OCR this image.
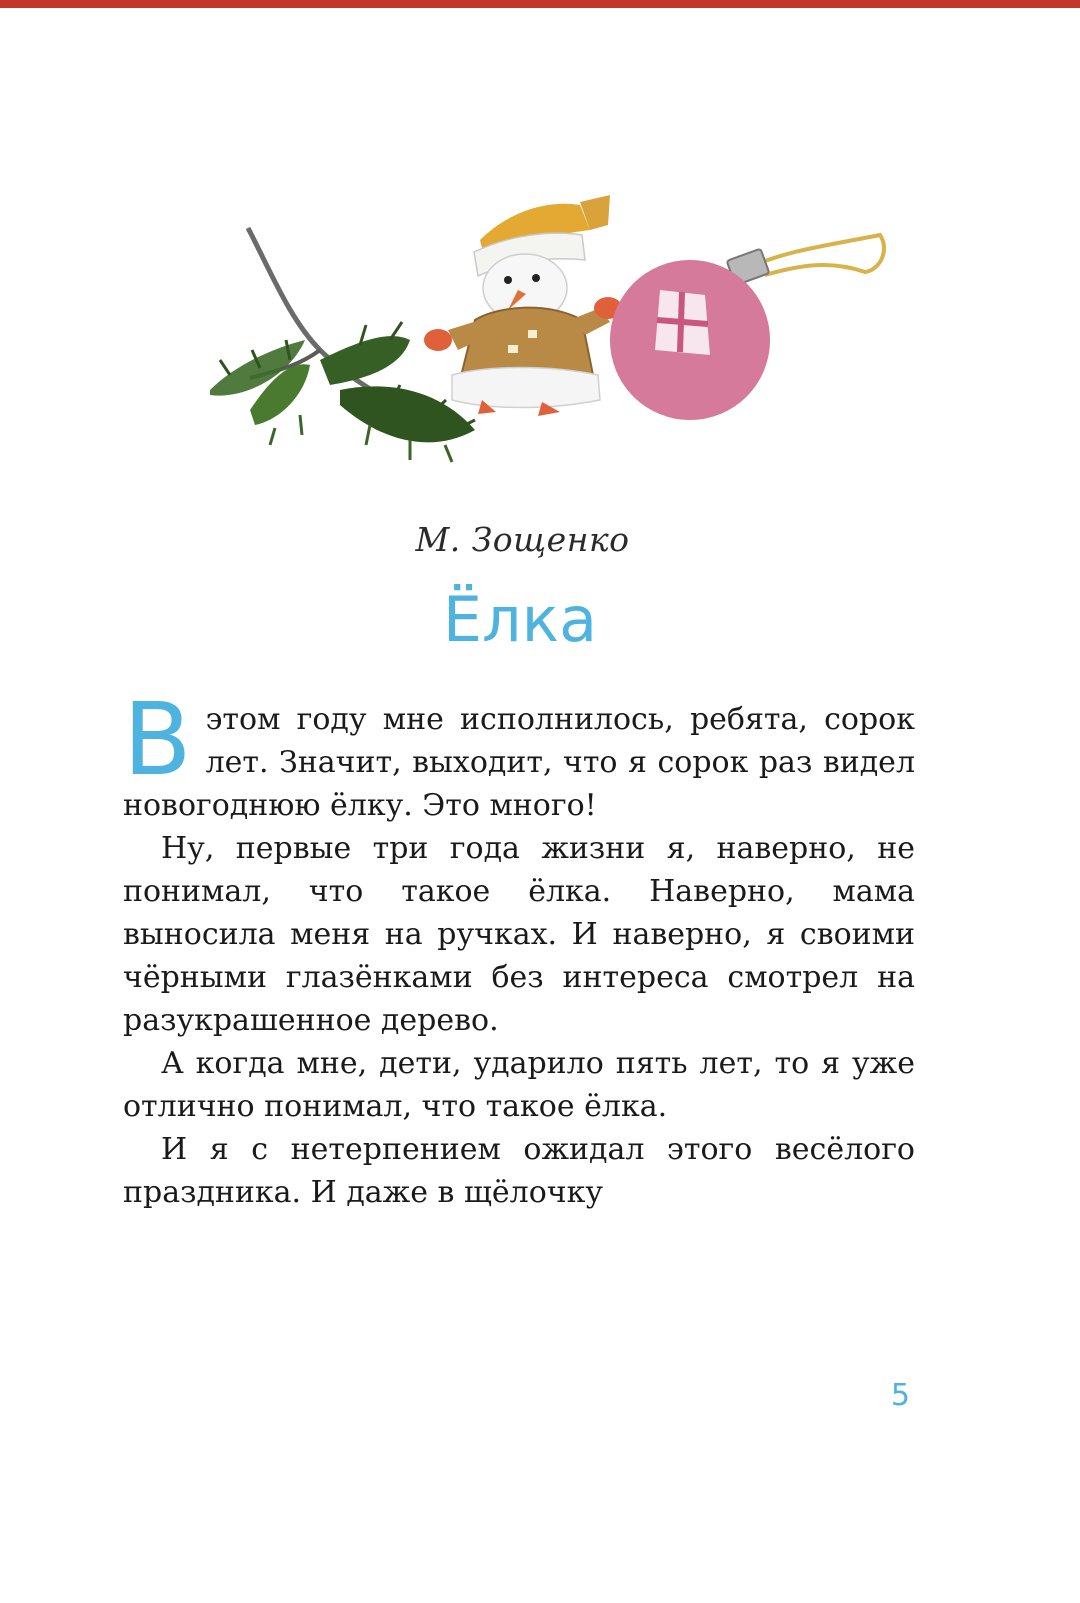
М. Зощенко
Ёлка

Вэтом году мне исполнилось, ребята, сорок лет. Значит, выходит, что я сорок раз видел новогоднюю ёлку. Это много!

Ну, первые три года жизни я, наверно, не понимал, что такое ёлка. Наверно, мама выносила меня на ручках. И наверно, я своими чёрными глазёнками без интереса смотрел на разукрашенное дерево.

А когда мне, дети, ударило пять лет, то я уже отлично понимал, что такое ёлка.

И я с нетерпением ожидал этого весёлого праздника. И даже в щёлочку

5
